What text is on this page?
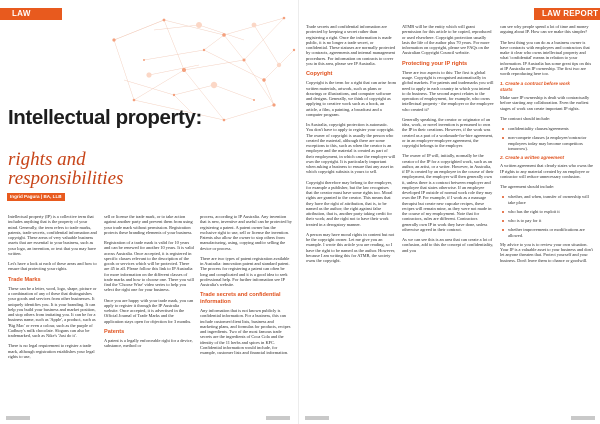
LAW REPORT
Intellectual property:
rights and
responsibilities
Ingrid Pagura | BA, LLB

Intellectual property (IP) is a collective term that includes anything that is the property of your mind. Generally, the term refers to trade marks, patents, trade secrets, confidential information and copyright. These areas of very valuable business assets that are essential to your business, such as your logo, an invention, or text that you may have written.

Let's have a look at each of these areas and how to ensure that protecting your rights.

Trade Marks

These can be a letter, word, logo, shape, picture or a combination of any of these that distinguishes your goods and services from other businesses. It uniquely identifies you. It is your branding. It can help you build your business and market position, and stop others from imitating you. It can be for a business name, such as 'Apple', a product, such as 'Big Mac' or even a colour, such as the purple of Cadbury's milk chocolate. Slogans can also be trademarked, such as Nike's 'Just do it'.

There is no legal requirement to register a trade mark, although registration establishes your legal rights to use,

sell or license the trade mark, or to take action against another party and prevent them from using your trade mark without permission. Registration protects these branding elements of your business.

Registration of a trade mark is valid for 10 years and can be renewed for another 10 years. It is valid across Australia. Once accepted, it is registered in specific classes relevant to the description of the goods or services which will be protected. There are 45 in all. Please follow this link to IP Australia for more information on the different classes of trade marks and how to choose one. There you will find the 'Choose Wise' video series to help you select the right one for your business.

Once you are happy with your trade mark, you can apply to register it through the IP Australia website. Once accepted, it is advertised in the Official Journal of Trade Marks and the application stays open for objection for 3 months.

Patents

A patent is a legally enforceable right for a device, substance, method or

process, according to IP Australia. Any invention that is new, inventive and useful can be protected by registering a patent. A patent owner has the exclusive right to use, sell or license the invention. Patents also allow the owner to stop others from manufacturing, using, copying and/or selling the device or process.

There are two types of patent registration available in Australia: innovation patent and standard patent. The process for registering a patent can often be long and complicated and it is a good idea to seek professional help. For further information see IP Australia's website.

Trade secrets and confidential
information

Any information that is not known publicly is confidential information. For a business, this can include customer/client lists, business and marketing plans, and formulas for products, recipes and ingredients. Two of the most famous trade secrets are the ingredients of Coca Cola and the identity of the 11 herbs and spices in KFC. Confidential information would include, for example, customer lists and financial information.

LAW REPORT

Trade secrets and confidential information are protected by keeping a secret rather than registering a right. Once the information is made public, it is no longer a trade secret, or confidential. These statuses are normally protected by contracts, agreements and internal management procedures. For information on contracts to cover you in this area, please see IP Australia.

Copyright

Copyright is the term for a right that can arise from written materials, artwork, such as plans or drawings or illustrations, and computer software and designs. Generally, we think of copyright as applying to creative work such as a book, an article, a film, a painting, a broadcast and a computer program.

In Australia, copyright protection is automatic. You don't have to apply to register your copyright. The owner of copyright is usually the person who created the material, although there are some exceptions to this, such as when the creator is an employee and the material is created as part of their employment, in which case the employer will own the copyright. It is particularly important when asking a business to ensure that any asset in which copyright subsists is yours to sell.

Copyright therefore may belong to the employer, for example a publisher, but the law recognises that the creator must have some rights too. Moral rights are granted to the creator. This means that they have the right of attribution, that is, to be named as the author; the right against false attribution, that is, another party taking credit for their work; and the right not to have their work treated in a derogatory manner.

A person may have moral rights in content but not be the copyright owner. Let me give you an example. I wrote this article you are reading, so I have the right to be named as the author. However, because I am writing this for ATMB, the society owns the copyright.

ATMB will be the entity which will grant permission for this article to be copied, reproduced or used elsewhere. Copyright protection usually lasts the life of the author plus 70 years. For more information on copyright, please see FAQs on the Australian Copyright Council website.

Protecting your IP rights

There are two aspects to this: The first is global usage. Copyright is recognised automatically in global markets. For patents and trademarks you will need to apply in each country in which you intend to do business. The second aspect relates to the operation of employment, for example, who owns intellectual property - the employer or the employee who created it?

Generally speaking, the creator or originator of an idea, work, or novel invention is presumed to own the IP in their creations. However, if the work was created as a part of a workmade-for-hire agreement, or in an employer-employee agreement, the copyright belongs to the employer.

The owner of IP will, initially, normally be the creator of the IP for a copyrighted work, such as an author, an artist, or a writer. However, in Australia, if IP is created by an employee in the course of their employment, the employer will then generally own it, unless there is a contract between employer and employee that states otherwise. If an employee developed IP outside of normal work role they may own the IP. For example, if I work as a massage therapist but create new cupcake recipes, these recipes will remain mine, as they were not made in the course of my employment. Note that for contractors, rules are different. Contractors generally own IP in work they have done, unless otherwise agreed in their contract.

As we can see this is an area that can create a lot of confusion, add to this the concept of confidentiality, and you

can see why people spend a lot of time and money arguing about IP. How can we make this simpler?

The best thing you can do as a business owner is have contracts with employees and contractors that make it clear who owns intellectual property and what 'confidential' means in relation to your information. IP Australia has some great tips on this at IP Australia on IP ownership. The first two are worth reproducing here too.

1. Create a contract before work
starts

Make sure IP ownership is dealt with contractually before starting any collaboration. Even the earliest stages of work can create important IP rights.

The contract should include:

confidentiality clauses/agreements
non-compete clauses (a employee/contractor employees today may become competitors tomorrow).
2. Create a written agreement

A written agreement that clearly states who owns the IP rights to any material created by an employee or contractor will reduce unnecessary confusion.

The agreement should include:

whether, and when, transfer of ownership will take place
who has the right to exploit it
who is to pay for it
whether improvements or modifications are allowed.

My advice to you is to review your own situation. Your IP is a valuable asset to your business and don't let anyone threaten that. Protect yourself and your business. Don't leave them to chance or goodwill.
